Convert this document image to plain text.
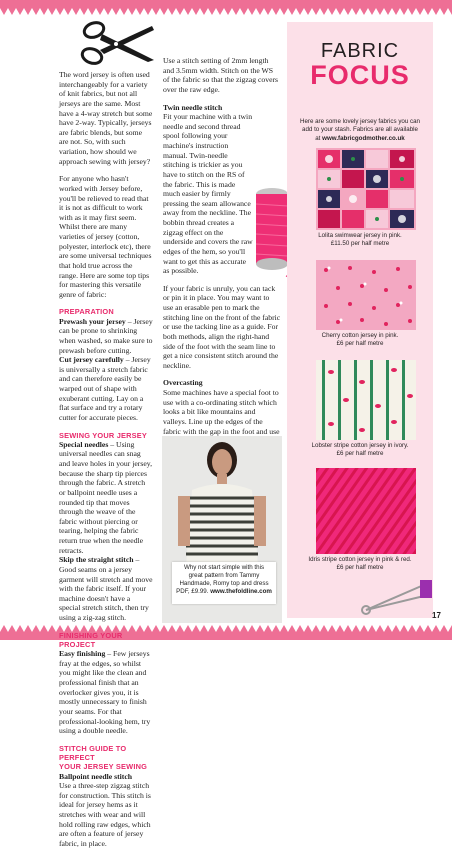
The word jersey is often used interchangeably for a variety of knit fabrics, but not all jerseys are the same. Most have a 4-way stretch but some have 2-way. Typically, jerseys are fabric blends, but some are not. So, with such variation, how should we approach sewing with jersey?

For anyone who hasn't worked with Jersey before, you'll be relieved to read that it is not as difficult to work with as it may first seem. Whilst there are many varieties of jersey (cotton, polyester, interlock etc), there are some universal techniques that hold true across the range. Here are some top tips for mastering this versatile genre of fabric:

PREPARATION

Prewash your jersey – Jersey can be prone to shrinking when washed, so make sure to prewash before cutting.
Cut jersey carefully – Jersey is universally a stretch fabric and can therefore easily be warped out of shape with exuberant cutting. Lay on a flat surface and try a rotary cutter for accurate pieces.

SEWING YOUR JERSEY

Special needles – Using universal needles can snag and leave holes in your jersey, because the sharp tip pierces through the fabric. A stretch or ballpoint needle uses a rounded tip that moves through the weave of the fabric without piercing or tearing, helping the fabric return true when the needle retracts.
Skip the straight stitch – Good seams on a jersey garment will stretch and move with the fabric itself. If your machine doesn't have a special stretch stitch, then try using a zig-zag stitch.

FINISHING YOUR PROJECT

Easy finishing – Few jerseys fray at the edges, so whilst you might like the clean and professional finish that an overlocker gives you, it is mostly unnecessary to finish your seams. For that professional-looking hem, try using a double needle.

STITCH GUIDE TO PERFECT
YOUR JERSEY SEWING
Ballpoint needle stitch

Use a three-step zigzag stitch for construction. This stitch is ideal for jersey hems as it stretches with wear and will hold rolling raw edges, which are often a feature of jersey fabric, in place.

Use a stitch setting of 2mm length and 3.5mm width. Stitch on the WS of the fabric so that the zigzag covers over the raw edge.

Twin needle stitch

Fit your machine with a twin needle and second thread spool following your machine's instruction manual. Twin-needle stitching is trickier as you have to stitch on the RS of the fabric. This is made much easier by firmly pressing the seam allowance away from the neckline. The bobbin thread creates a zigzag effect on the underside and covers the raw edges of the hem, so you'll want to get this as accurate as possible.

If your fabric is unruly, you can tack or pin it in place. You may want to use an erasable pen to mark the stitching line on the front of the fabric or use the tacking line as a guide. For both methods, align the right-hand side of the foot with the seam line to get a nice consistent stitch around the neckline.

Overcasting

Some machines have a special foot to use with a co-ordinating stitch which looks a bit like mountains and valleys. Line up the edges of the fabric with the gap in the foot and use

Why not start simple with this
great pattern from Tammy
Handmade, Romy top and dress
PDF, £9.99. www.thefoldline.com
FABRIC
FOCUS
Here are some lovely jersey fabrics you can
add to your stash. Fabrics are all available
at www.fabricgodmother.co.uk
Lolita swimwear jersey in pink.
£11.50 per half metre
Cherry cotton jersey in pink.
£6 per half metre
Lobster stripe cotton jersey in ivory.
£6 per half metre
Idris stripe cotton jersey in pink & red.
£6 per half metre
17
